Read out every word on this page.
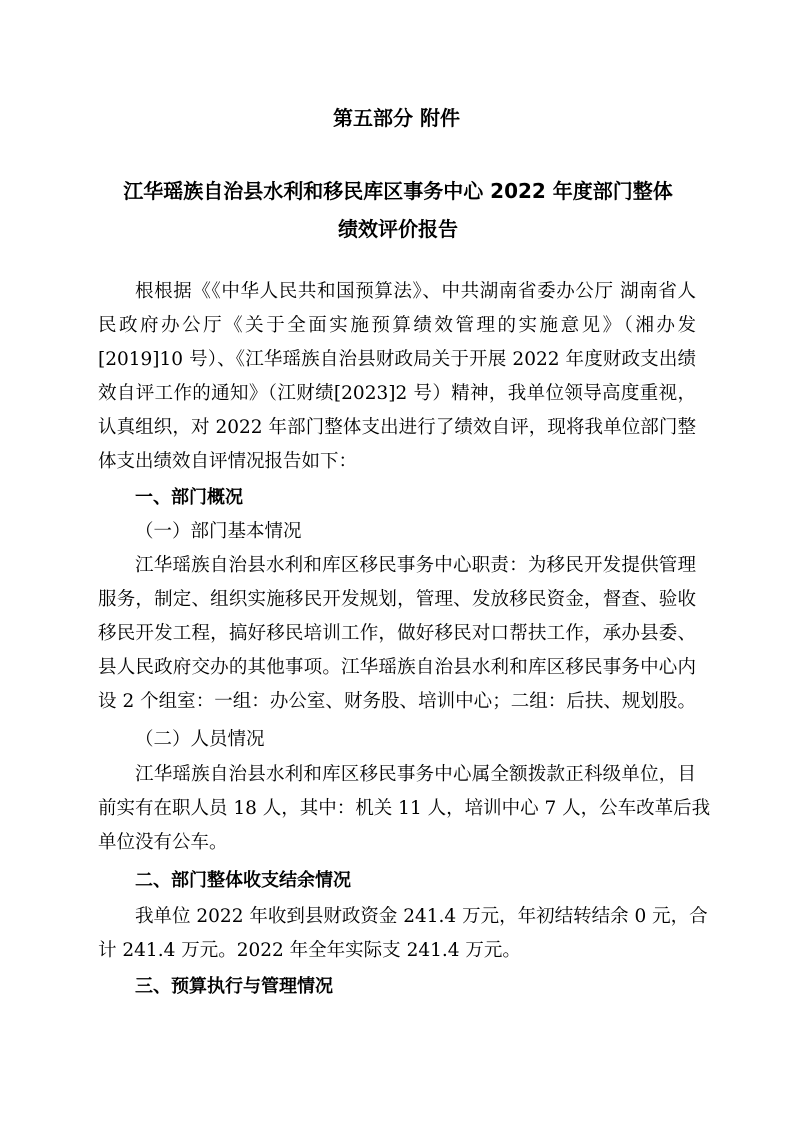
第五部分 附件
江华瑶族自治县水利和移民库区事务中心 2022 年度部门整体
绩效评价报告
根根据《《中华人民共和国预算法》、中共湖南省委办公厅 湖南省人
民政府办公厅《关于全面实施预算绩效管理的实施意见》（湘办发
[2019]10 号）、《江华瑶族自治县财政局关于开展 2022 年度财政支出绩
效自评工作的通知》（江财绩[2023]2 号）精神，我单位领导高度重视，
认真组织，对 2022 年部门整体支出进行了绩效自评，现将我单位部门整
体支出绩效自评情况报告如下：
一、部门概况
（一）部门基本情况
江华瑶族自治县水利和库区移民事务中心职责：为移民开发提供管理
服务，制定、组织实施移民开发规划，管理、发放移民资金，督查、验收
移民开发工程，搞好移民培训工作，做好移民对口帮扶工作，承办县委、
县人民政府交办的其他事项。江华瑶族自治县水利和库区移民事务中心内
设 2 个组室：一组：办公室、财务股、培训中心；二组：后扶、规划股。
（二）人员情况
江华瑶族自治县水利和库区移民事务中心属全额拨款正科级单位，目
前实有在职人员 18 人，其中：机关 11 人，培训中心 7 人，公车改革后我
单位没有公车。
二、部门整体收支结余情况
我单位 2022 年收到县财政资金 241.4 万元，年初结转结余 0 元，合
计 241.4 万元。2022 年全年实际支 241.4 万元。
三、预算执行与管理情况
